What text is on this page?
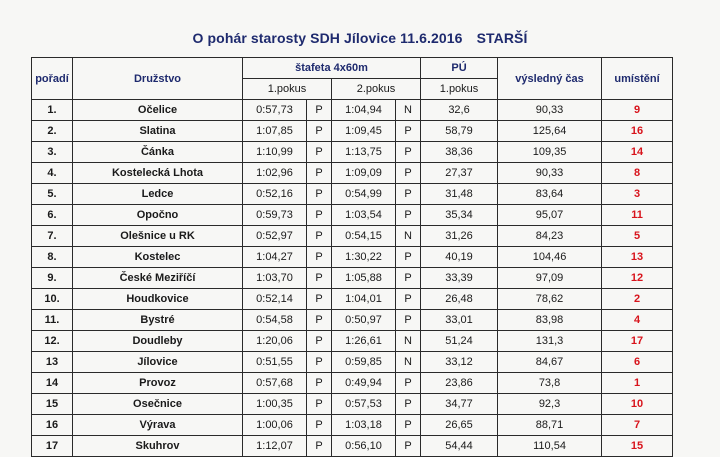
O pohár starosty SDH Jílovice 11.6.2016 STARŠÍ
pořadí	Družstvo	štafeta 4x60m				PÚ	výsledný čas	umístění
		1.pokus		2.pokus		1.pokus		
1.	Očelice	0:57,73	P	1:04,94	N	32,6	90,33	9
2.	Slatina	1:07,85	P	1:09,45	P	58,79	125,64	16
3.	Čánka	1:10,99	P	1:13,75	P	38,36	109,35	14
4.	Kostelecká Lhota	1:02,96	P	1:09,09	P	27,37	90,33	8
5.	Ledce	0:52,16	P	0:54,99	P	31,48	83,64	3
6.	Opočno	0:59,73	P	1:03,54	P	35,34	95,07	11
7.	Olešnice u RK	0:52,97	P	0:54,15	N	31,26	84,23	5
8.	Kostelec	1:04,27	P	1:30,22	P	40,19	104,46	13
9.	České Meziříčí	1:03,70	P	1:05,88	P	33,39	97,09	12
10.	Houdkovice	0:52,14	P	1:04,01	P	26,48	78,62	2
11.	Bystré	0:54,58	P	0:50,97	P	33,01	83,98	4
12.	Doudleby	1:20,06	P	1:26,61	N	51,24	131,3	17
13	Jílovice	0:51,55	P	0:59,85	N	33,12	84,67	6
14	Provoz	0:57,68	P	0:49,94	P	23,86	73,8	1
15	Osečnice	1:00,35	P	0:57,53	P	34,77	92,3	10
16	Výrava	1:00,06	P	1:03,18	P	26,65	88,71	7
17	Skuhrov	1:12,07	P	0:56,10	P	54,44	110,54	15
